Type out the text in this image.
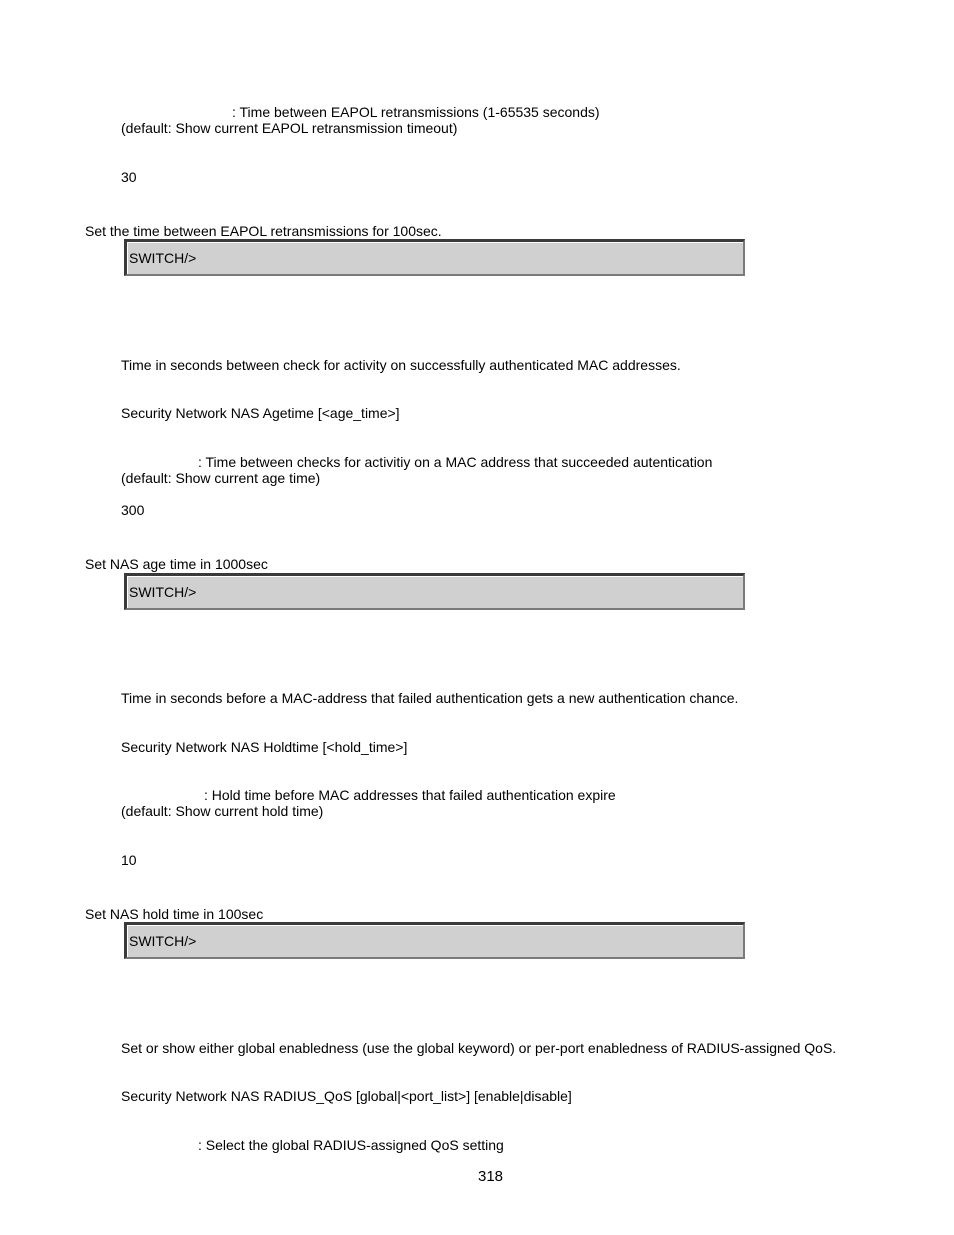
: Time between EAPOL retransmissions (1-65535 seconds)
(default: Show current EAPOL retransmission timeout)
30
Set the time between EAPOL retransmissions for 100sec.
SWITCH/>
Time in seconds between check for activity on successfully authenticated MAC addresses.
Security Network NAS Agetime [<age_time>]
: Time between checks for activitiy on a MAC address that succeeded autentication
(default: Show current age time)
300
Set NAS age time in 1000sec
SWITCH/>
Time in seconds before a MAC-address that failed authentication gets a new authentication chance.
Security Network NAS Holdtime [<hold_time>]
: Hold time before MAC addresses that failed authentication expire
(default: Show current hold time)
10
Set NAS hold time in 100sec
SWITCH/>
Set or show either global enabledness (use the global keyword) or per-port enabledness of RADIUS-assigned QoS.
Security Network NAS RADIUS_QoS [global|<port_list>] [enable|disable]
: Select the global RADIUS-assigned QoS setting
318
